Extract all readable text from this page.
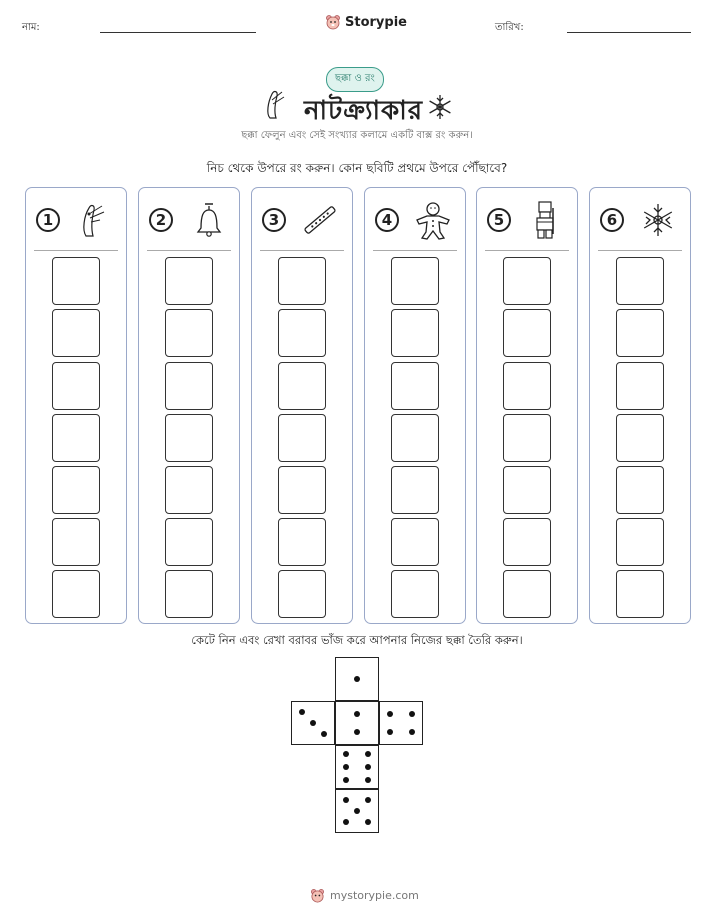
নাম:	Storypie	তারিখ:
ছক্কা ও রং
নাটক্র্যাকার
ছক্কা ফেলুন এবং সেই সংখ্যার কলামে একটি বাক্স রং করুন।
নিচ থেকে উপরে রং করুন। কোন ছবিটি প্রথমে উপরে পৌঁছাবে?
1	2	3	4	5	6
কেটে নিন এবং রেখা বরাবর ভাঁজ করে আপনার নিজের ছক্কা তৈরি করুন।
mystorypie.com
